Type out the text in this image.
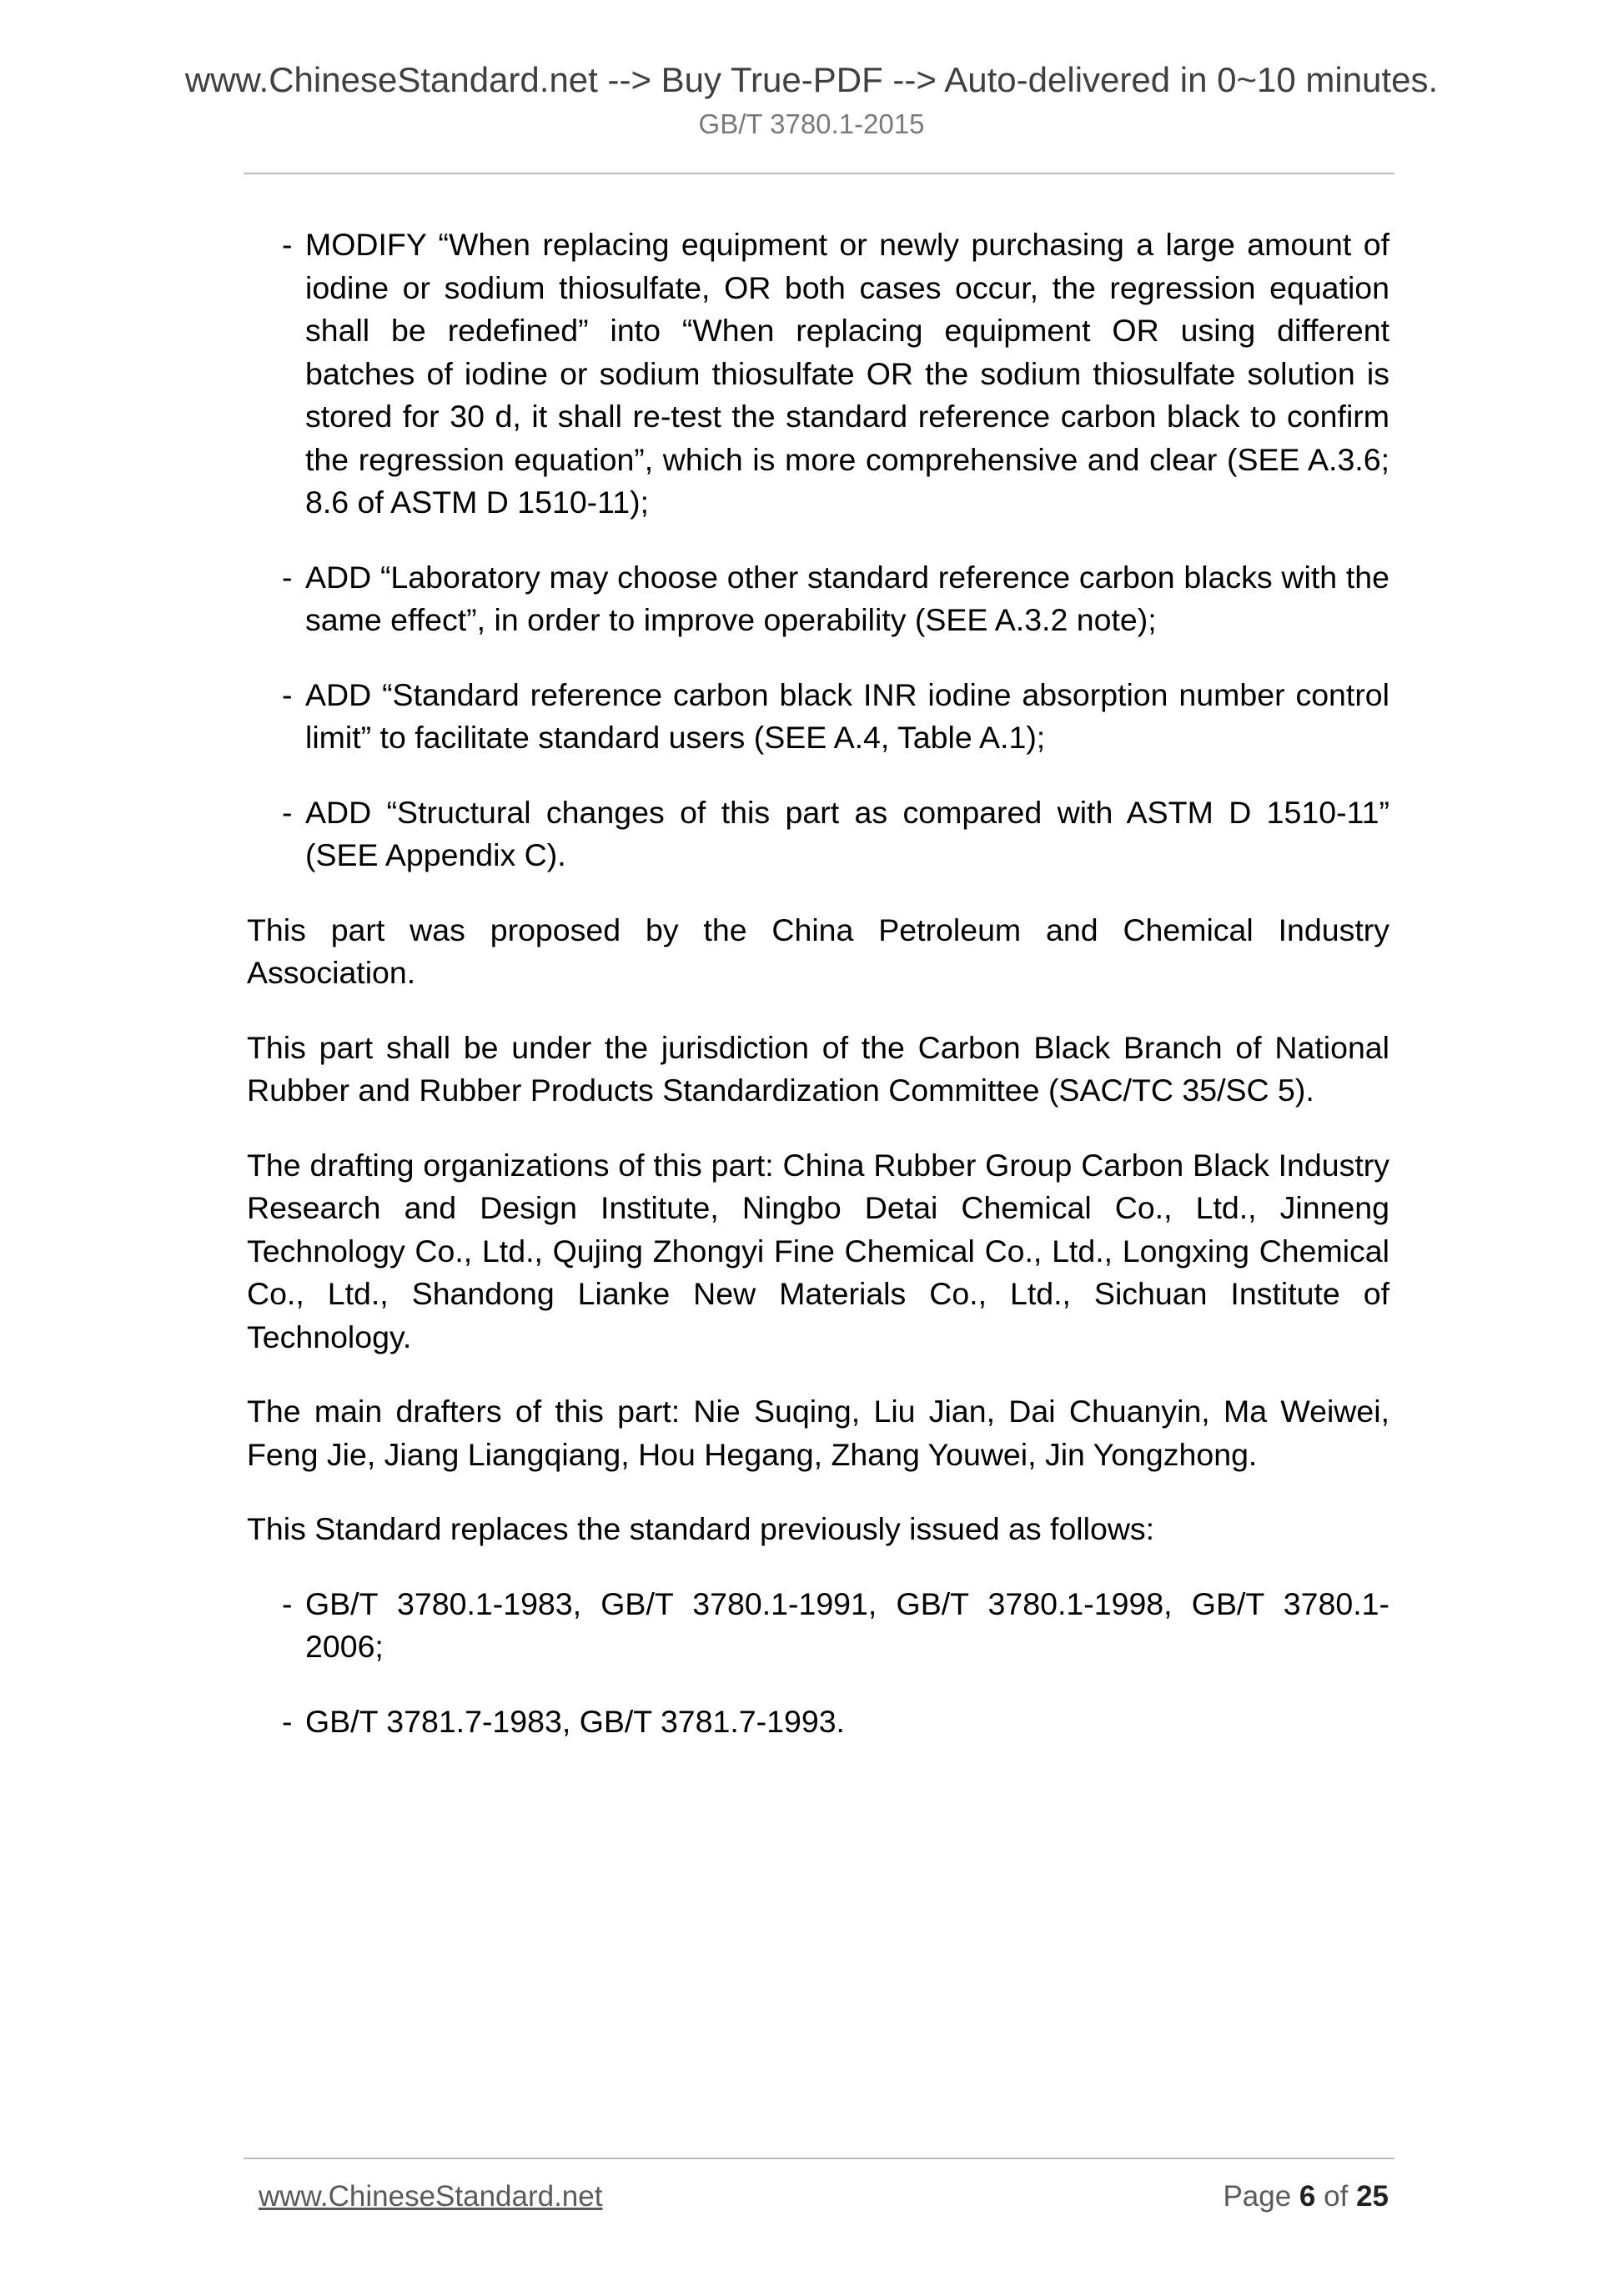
www.ChineseStandard.net --> Buy True-PDF --> Auto-delivered in 0~10 minutes.
GB/T 3780.1-2015
- MODIFY “When replacing equipment or newly purchasing a large amount of iodine or sodium thiosulfate, OR both cases occur, the regression equation shall be redefined” into “When replacing equipment OR using different batches of iodine or sodium thiosulfate OR the sodium thiosulfate solution is stored for 30 d, it shall re-test the standard reference carbon black to confirm the regression equation”, which is more comprehensive and clear (SEE A.3.6; 8.6 of ASTM D 1510-11);
- ADD “Laboratory may choose other standard reference carbon blacks with the same effect”, in order to improve operability (SEE A.3.2 note);
- ADD “Standard reference carbon black INR iodine absorption number control limit” to facilitate standard users (SEE A.4, Table A.1);
- ADD “Structural changes of this part as compared with ASTM D 1510-11” (SEE Appendix C).
This part was proposed by the China Petroleum and Chemical Industry Association.
This part shall be under the jurisdiction of the Carbon Black Branch of National Rubber and Rubber Products Standardization Committee (SAC/TC 35/SC 5).
The drafting organizations of this part: China Rubber Group Carbon Black Industry Research and Design Institute, Ningbo Detai Chemical Co., Ltd., Jinneng Technology Co., Ltd., Qujing Zhongyi Fine Chemical Co., Ltd., Longxing Chemical Co., Ltd., Shandong Lianke New Materials Co., Ltd., Sichuan Institute of Technology.
The main drafters of this part: Nie Suqing, Liu Jian, Dai Chuanyin, Ma Weiwei, Feng Jie, Jiang Liangqiang, Hou Hegang, Zhang Youwei, Jin Yongzhong.
This Standard replaces the standard previously issued as follows:
- GB/T 3780.1-1983, GB/T 3780.1-1991, GB/T 3780.1-1998, GB/T 3780.1-2006;
- GB/T 3781.7-1983, GB/T 3781.7-1993.
www.ChineseStandard.net	Page 6 of 25
